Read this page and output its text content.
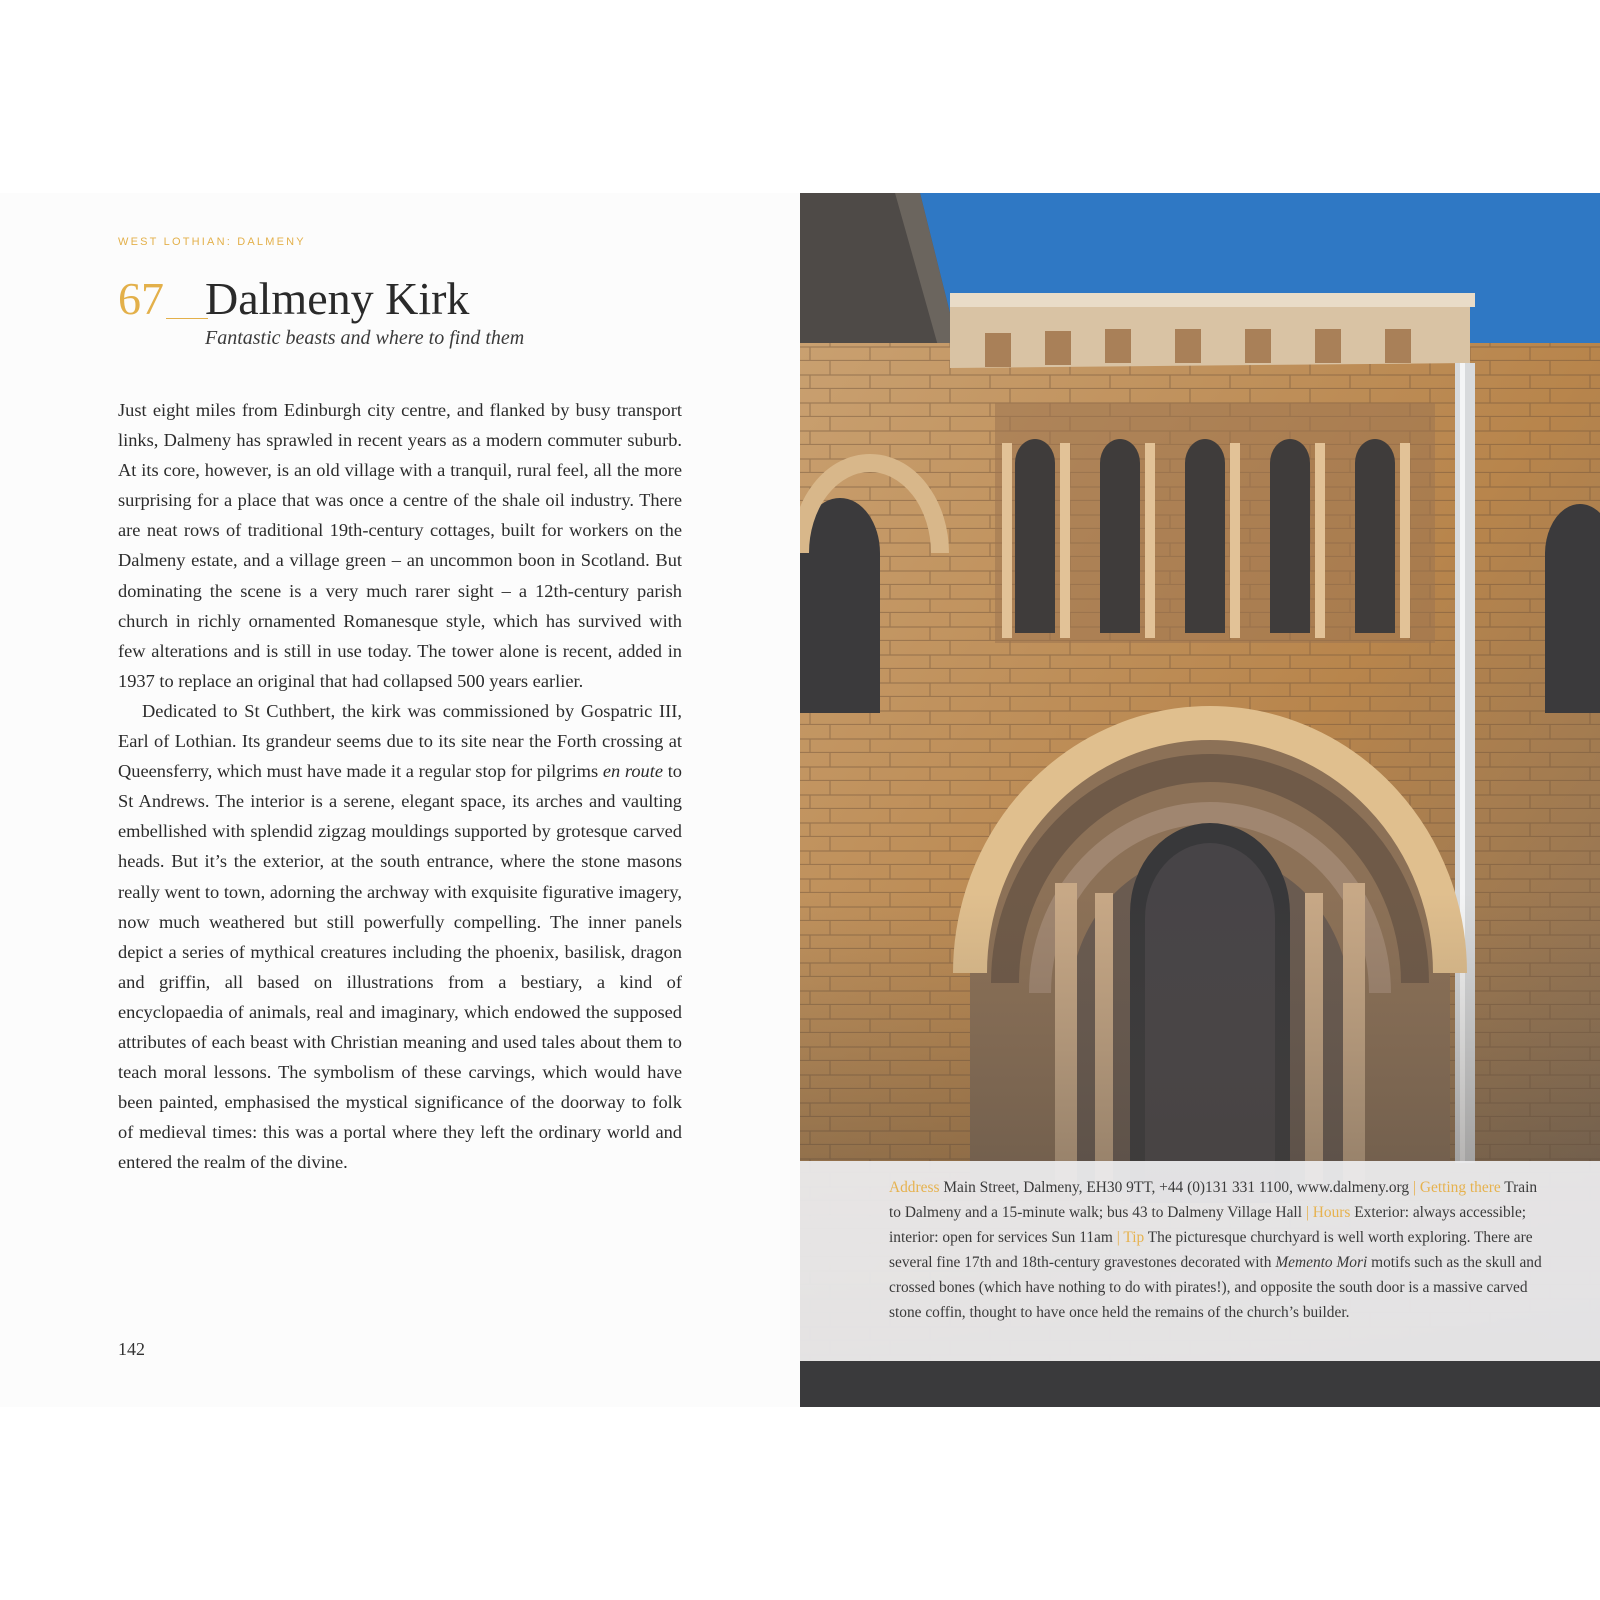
WEST LOTHIAN: DALMENY
67 Dalmeny Kirk
Fantastic beasts and where to find them

Just eight miles from Edinburgh city centre, and flanked by busy transport links, Dalmeny has sprawled in recent years as a modern commuter suburb. At its core, however, is an old village with a tranquil, rural feel, all the more surprising for a place that was once a centre of the shale oil industry. There are neat rows of traditional 19th-century cottages, built for workers on the Dalmeny estate, and a village green – an uncommon boon in Scotland. But dominating the scene is a very much rarer sight – a 12th-century parish church in richly ornamented Romanesque style, which has survived with few alterations and is still in use today. The tower alone is recent, added in 1937 to replace an original that had collapsed 500 years earlier.

Dedicated to St Cuthbert, the kirk was commissioned by Gospatric III, Earl of Lothian. Its grandeur seems due to its site near the Forth crossing at Queensferry, which must have made it a regular stop for pilgrims en route to St Andrews. The interior is a serene, elegant space, its arches and vaulting embellished with splendid zigzag mouldings supported by grotesque carved heads. But it’s the exterior, at the south entrance, where the stone masons really went to town, adorning the archway with exquisite figurative imagery, now much weathered but still powerfully compelling. The inner panels depict a series of mythical creatures including the phoenix, basilisk, dragon and griffin, all based on illustrations from a bestiary, a kind of encyclopaedia of animals, real and imaginary, which endowed the supposed attributes of each beast with Christian meaning and used tales about them to teach moral lessons. The symbolism of these carvings, which would have been painted, emphasised the mystical significance of the doorway to folk of medieval times: this was a portal where they left the ordinary world and entered the realm of the divine.

142
Address Main Street, Dalmeny, EH30 9TT, +44 (0)131 331 1100, www.dalmeny.org | Getting there Train to Dalmeny and a 15-minute walk; bus 43 to Dalmeny Village Hall | Hours Exterior: always accessible; interior: open for services Sun 11am | Tip The picturesque churchyard is well worth exploring. There are several fine 17th and 18th-century gravestones decorated with Memento Mori motifs such as the skull and crossed bones (which have nothing to do with pirates!), and opposite the south door is a massive carved stone coffin, thought to have once held the remains of the church’s builder.
